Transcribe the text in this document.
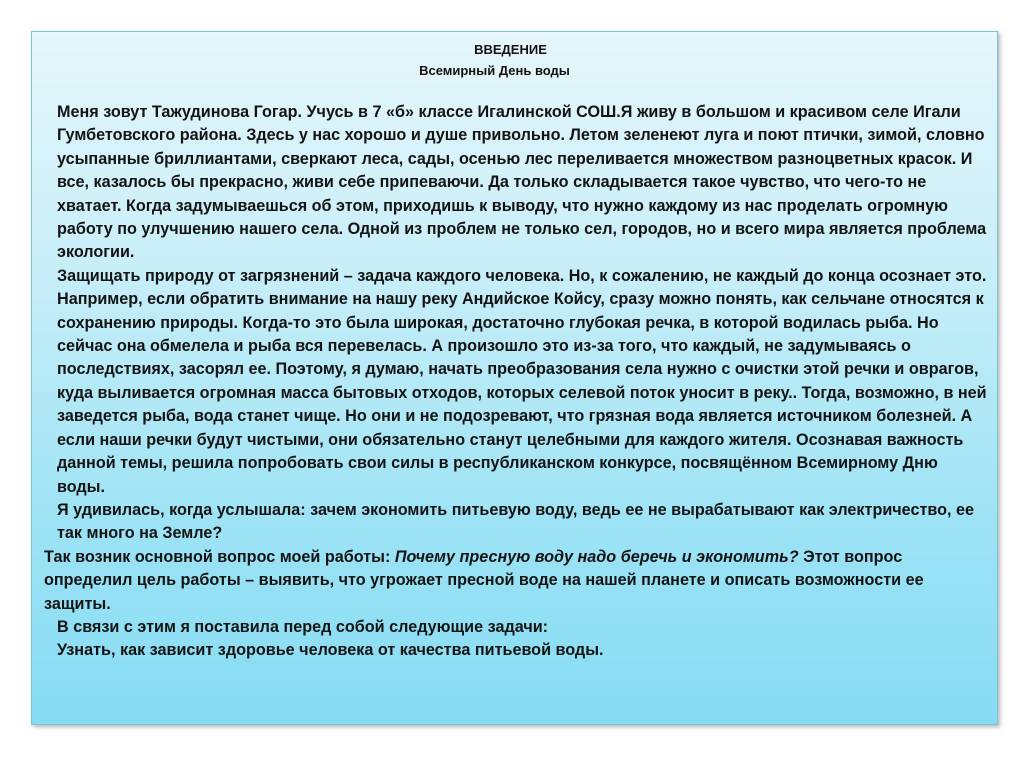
ВВЕДЕНИЕ
Всемирный День воды

Меня зовут Тажудинова Гогар. Учусь в 7 «б» классе Игалинской СОШ.Я живу в большом и красивом селе Игали Гумбетовского района. Здесь у нас хорошо и душе привольно. Летом зеленеют луга и поют птички, зимой, словно усыпанные бриллиантами, сверкают леса, сады, осенью лес переливается множеством разноцветных красок. И все, казалось бы прекрасно, живи себе припеваючи. Да только складывается такое чувство, что чего-то не хватает. Когда задумываешься об этом, приходишь к выводу, что нужно каждому из нас проделать огромную работу по улучшению нашего села. Одной из проблем не только сел, городов, но и всего мира является проблема экологии.

Защищать природу от загрязнений – задача каждого человека. Но, к сожалению, не каждый до конца осознает это. Например, если обратить внимание на нашу реку Андийское Койсу, сразу можно понять, как сельчане относятся к сохранению природы. Когда-то это была широкая, достаточно глубокая речка, в которой водилась рыба. Но сейчас она обмелела и рыба вся перевелась. А произошло это из-за того, что каждый, не задумываясь о последствиях, засорял ее. Поэтому, я думаю, начать преобразования села нужно с очистки этой речки и оврагов, куда выливается огромная масса бытовых отходов, которых селевой поток уносит в реку.. Тогда, возможно, в ней заведется рыба, вода станет чище. Но они и не подозревают, что грязная вода является источником болезней. А если наши речки будут чистыми, они обязательно станут целебными для каждого жителя. Осознавая важность данной темы, решила попробовать свои силы в республиканском конкурсе, посвящённом Всемирному Дню воды.

Я удивилась, когда услышала: зачем экономить питьевую воду, ведь ее не вырабатывают как электричество, ее так много на Земле?

Так возник основной вопрос моей работы: Почему пресную воду надо беречь и экономить? Этот вопрос определил цель работы – выявить, что угрожает пресной воде на нашей планете и описать возможности ее защиты.

В связи с этим я поставила перед собой следующие задачи:

Узнать, как зависит здоровье человека от качества питьевой воды.
